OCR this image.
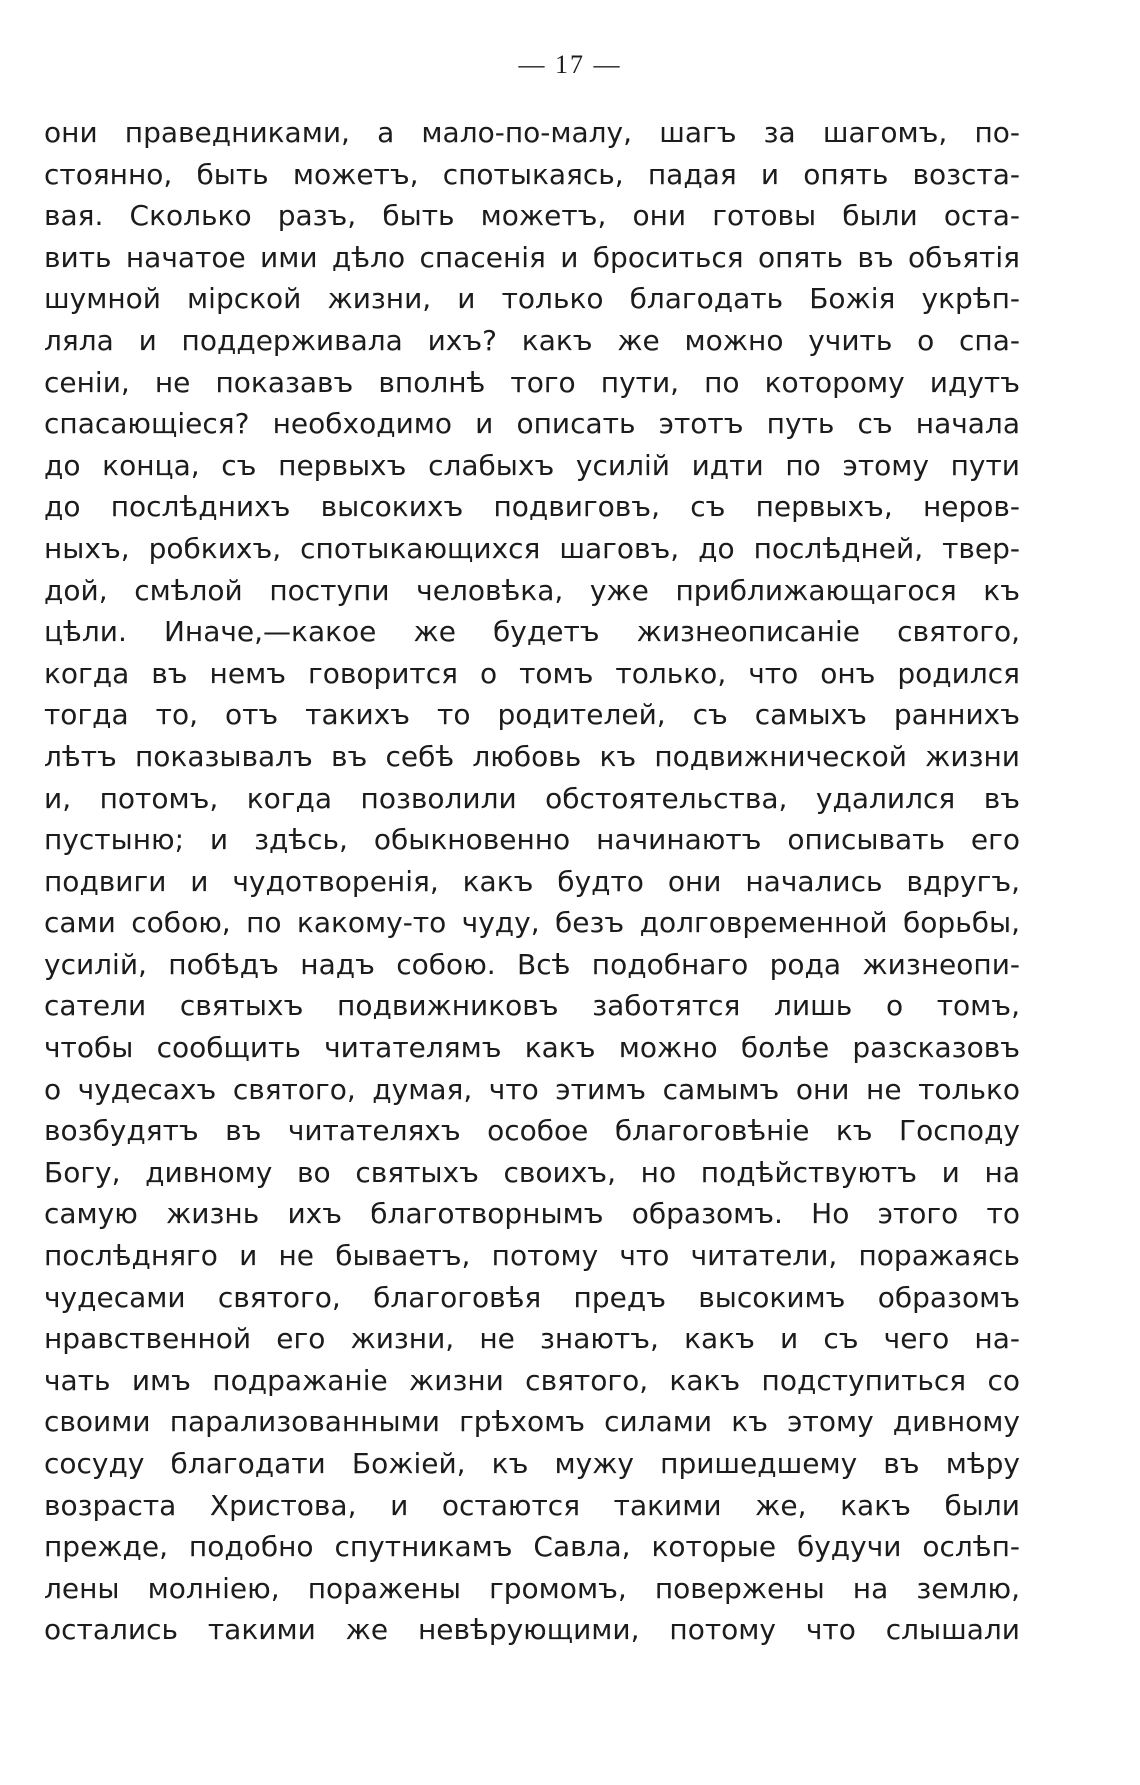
— 17 —
они праведниками, а мало-по-малу, шагъ за шагомъ, по-
стоянно, быть можетъ, спотыкаясь, падая и опять возста-
вая. Сколько разъ, быть можетъ, они готовы были оста-
вить начатое ими дѣло спасенія и броситься опять въ объятія
шумной мірской жизни, и только благодать Божія укрѣп-
ляла и поддерживала ихъ? какъ же можно учить о спа-
сеніи, не показавъ вполнѣ того пути, по которому идутъ
спасающіеся? необходимо и описать этотъ путь съ начала
до конца, съ первыхъ слабыхъ усилій идти по этому пути
до послѣднихъ высокихъ подвиговъ, съ первыхъ, неров-
ныхъ, робкихъ, спотыкающихся шаговъ, до послѣдней, твер-
дой, смѣлой поступи человѣка, уже приближающагося къ
цѣли. Иначе,—какое же будетъ жизнеописаніе святого,
когда въ немъ говорится о томъ только, что онъ родился
тогда то, отъ такихъ то родителей, съ самыхъ раннихъ
лѣтъ показывалъ въ себѣ любовь къ подвижнической жизни
и, потомъ, когда позволили обстоятельства, удалился въ
пустыню; и здѣсь, обыкновенно начинаютъ описывать его
подвиги и чудотворенія, какъ будто они начались вдругъ,
сами собою, по какому-то чуду, безъ долговременной борьбы,
усилій, побѣдъ надъ собою. Всѣ подобнаго рода жизнеопи-
сатели святыхъ подвижниковъ заботятся лишь о томъ,
чтобы сообщить читателямъ какъ можно болѣе разсказовъ
о чудесахъ святого, думая, что этимъ самымъ они не только
возбудятъ въ читателяхъ особое благоговѣніе къ Господу
Богу, дивному во святыхъ своихъ, но подѣйствуютъ и на
самую жизнь ихъ благотворнымъ образомъ. Но этого то
послѣдняго и не бываетъ, потому что читатели, поражаясь
чудесами святого, благоговѣя предъ высокимъ образомъ
нравственной его жизни, не знаютъ, какъ и съ чего на-
чать имъ подражаніе жизни святого, какъ подступиться со
своими парализованными грѣхомъ силами къ этому дивному
сосуду благодати Божіей, къ мужу пришедшему въ мѣру
возраста Христова, и остаются такими же, какъ были
прежде, подобно спутникамъ Савла, которые будучи ослѣп-
лены молніею, поражены громомъ, повержены на землю,
остались такими же невѣрующими, потому что слышали
